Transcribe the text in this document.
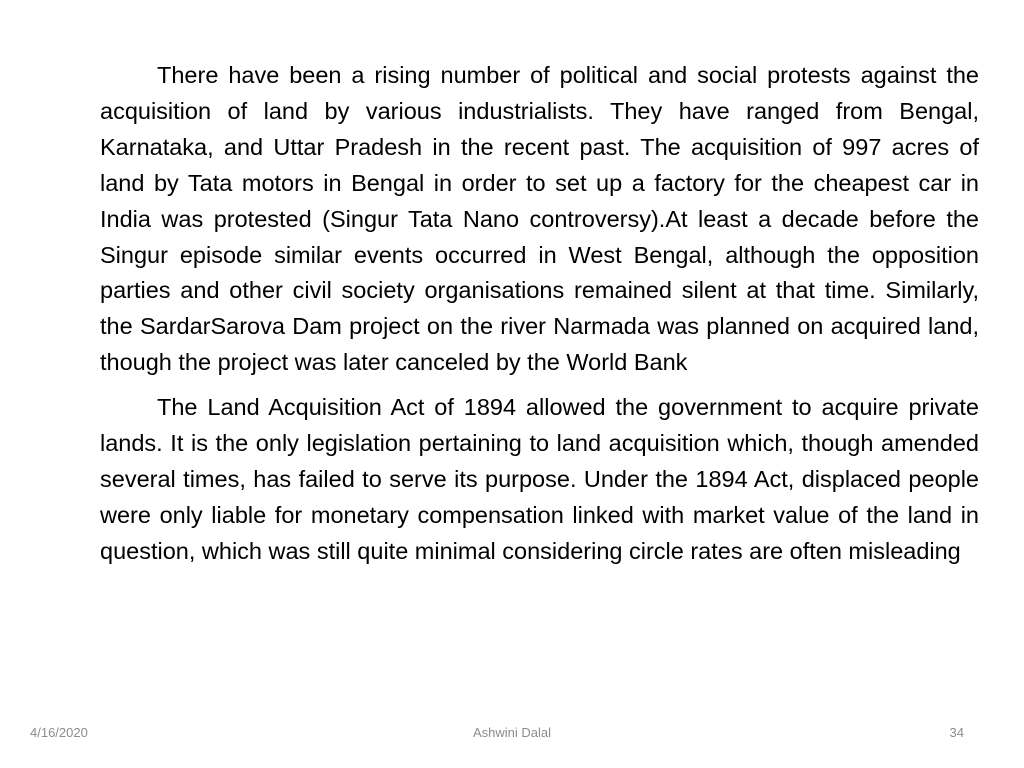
There have been a rising number of political and social protests against the acquisition of land by various industrialists. They have ranged from Bengal, Karnataka, and Uttar Pradesh in the recent past. The acquisition of 997 acres of land by Tata motors in Bengal in order to set up a factory for the cheapest car in India was protested (Singur Tata Nano controversy).At least a decade before the Singur episode similar events occurred in West Bengal, although the opposition parties and other civil society organisations remained silent at that time. Similarly, the SardarSarova Dam project on the river Narmada was planned on acquired land, though the project was later canceled by the World Bank

The Land Acquisition Act of 1894 allowed the government to acquire private lands. It is the only legislation pertaining to land acquisition which, though amended several times, has failed to serve its purpose. Under the 1894 Act, displaced people were only liable for monetary compensation linked with market value of the land in question, which was still quite minimal considering circle rates are often misleading

4/16/2020	Ashwini Dalal	34
